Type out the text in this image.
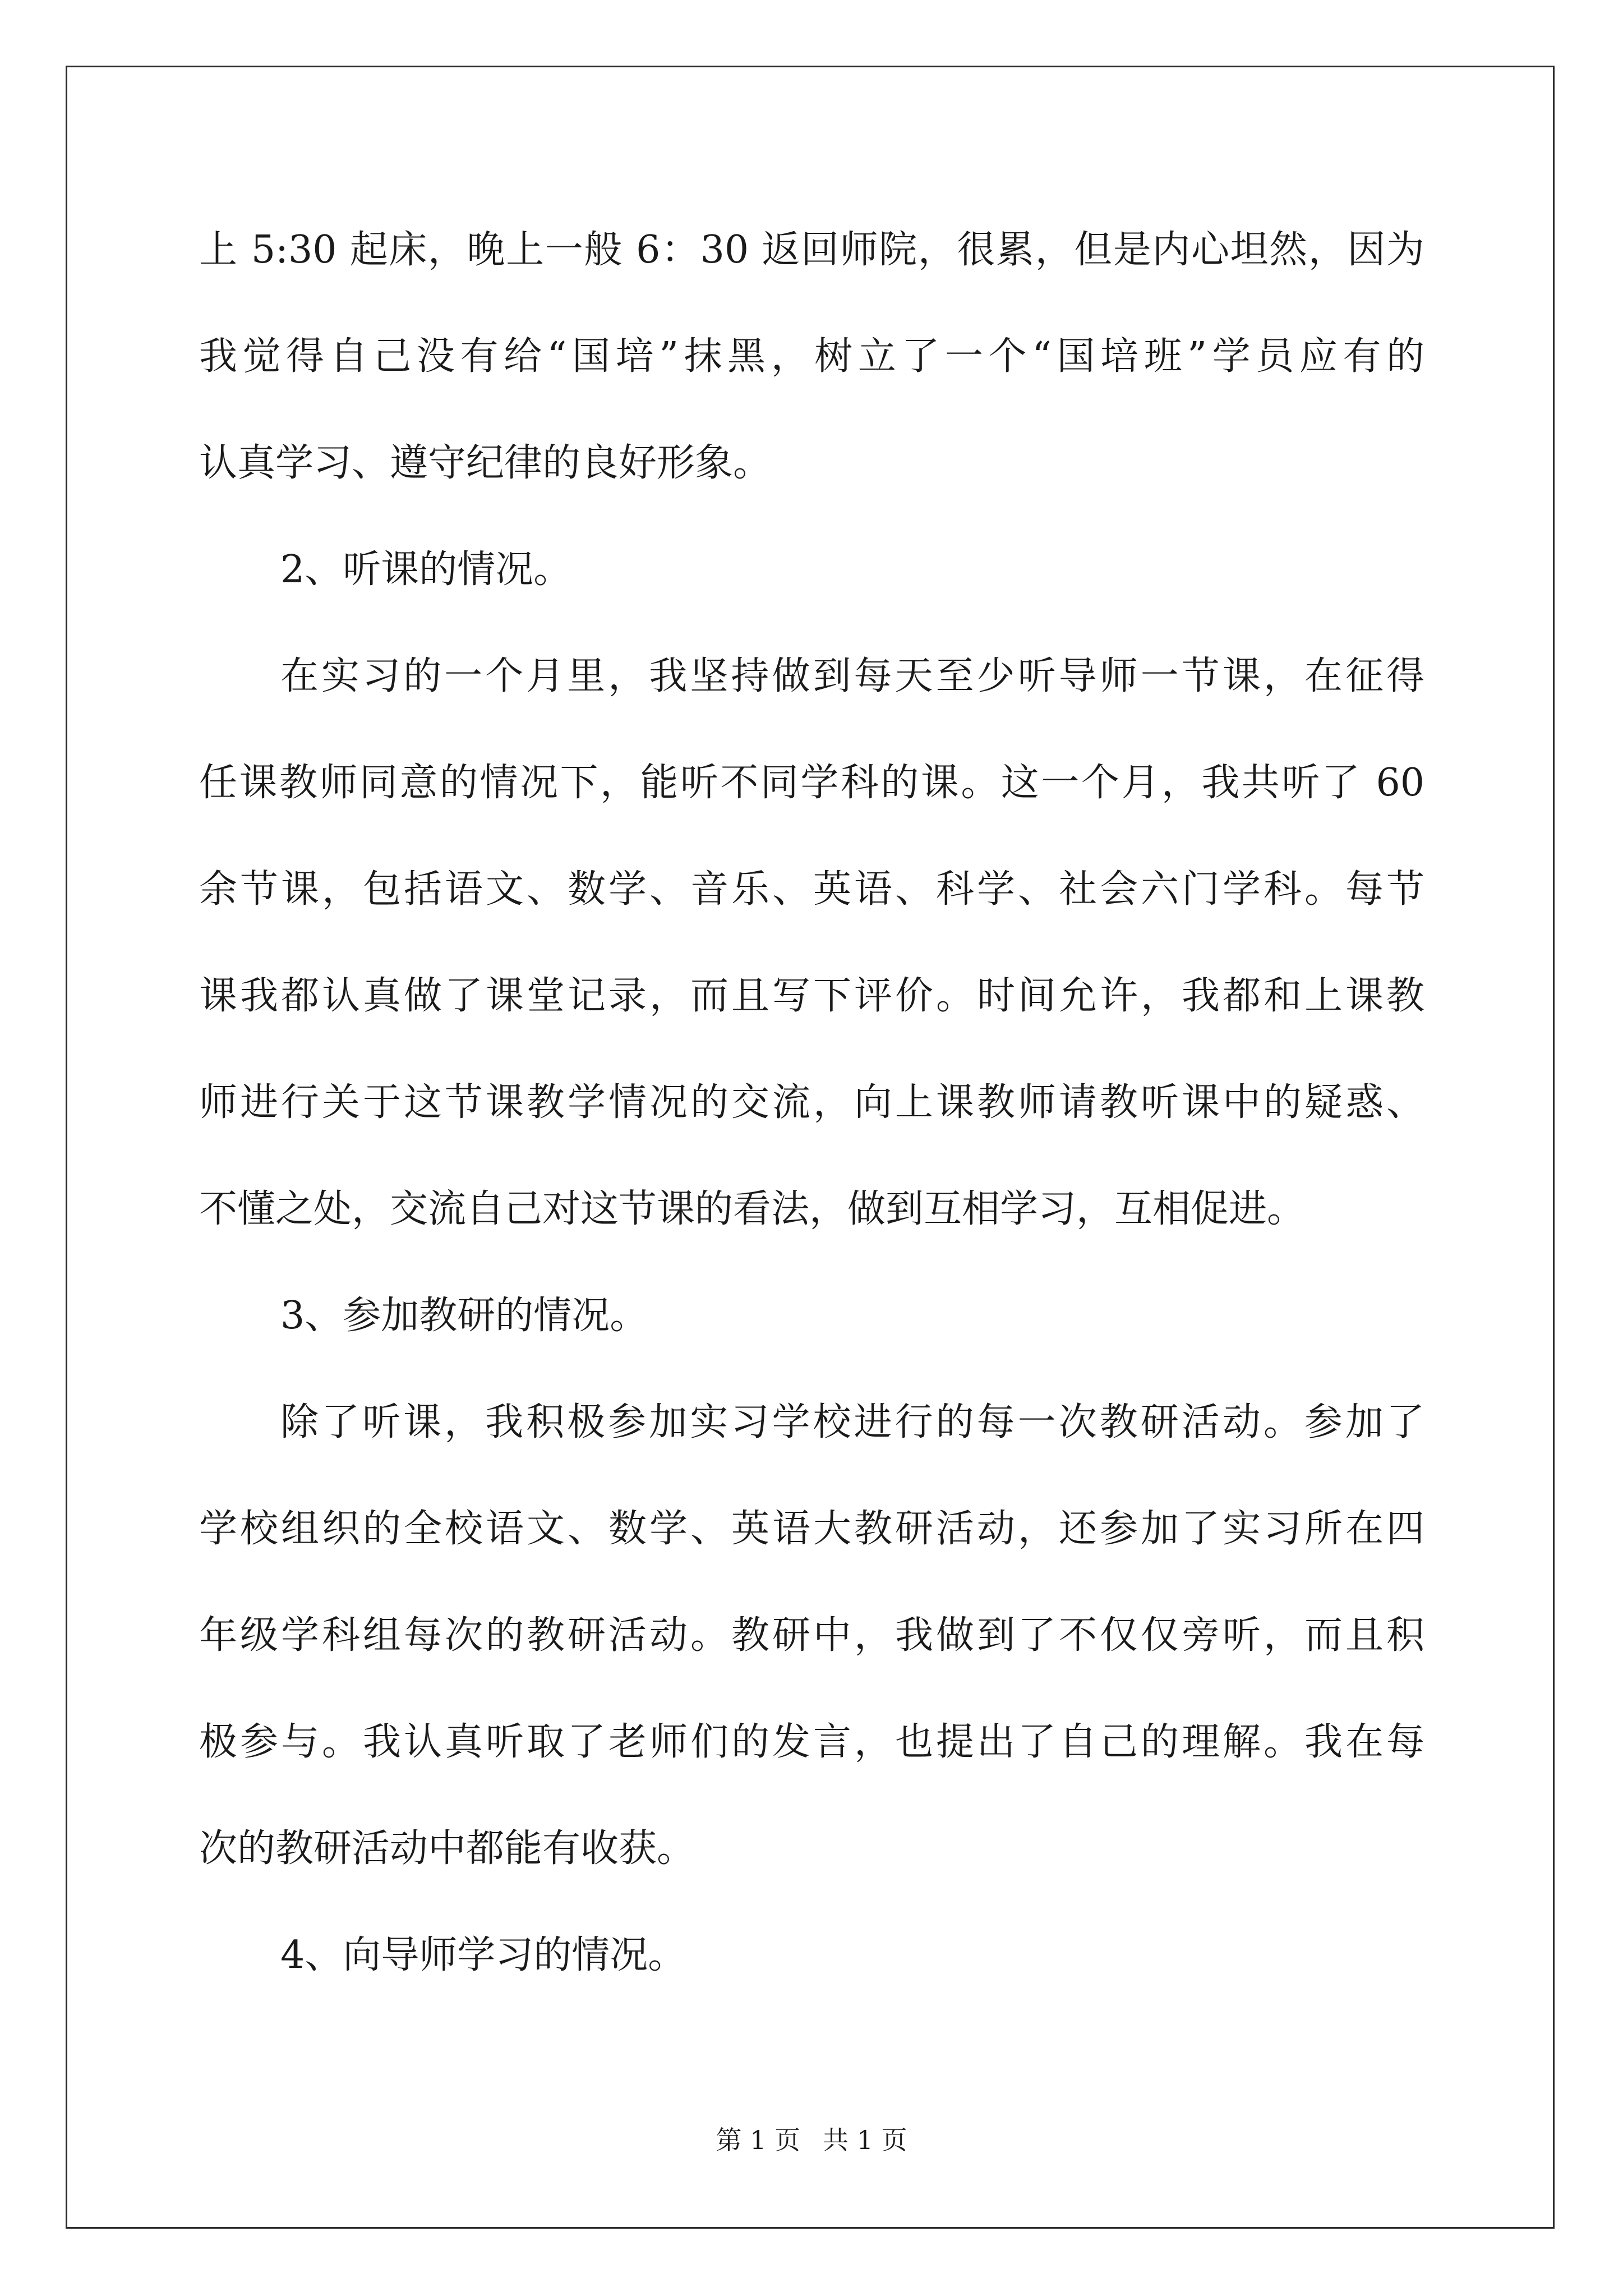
上 5:30 起床，晚上一般 6：30 返回师院，很累，但是内心坦然，因为
我觉得自己没有给“国培”抹黑，树立了一个“国培班”学员应有的
认真学习、遵守纪律的良好形象。
2、听课的情况。
在实习的一个月里，我坚持做到每天至少听导师一节课，在征得
任课教师同意的情况下，能听不同学科的课。这一个月，我共听了 60
余节课，包括语文、数学、音乐、英语、科学、社会六门学科。每节
课我都认真做了课堂记录，而且写下评价。时间允许，我都和上课教
师进行关于这节课教学情况的交流，向上课教师请教听课中的疑惑、
不懂之处，交流自己对这节课的看法，做到互相学习，互相促进。
3、参加教研的情况。
除了听课，我积极参加实习学校进行的每一次教研活动。参加了
学校组织的全校语文、数学、英语大教研活动，还参加了实习所在四
年级学科组每次的教研活动。教研中，我做到了不仅仅旁听，而且积
极参与。我认真听取了老师们的发言，也提出了自己的理解。我在每
次的教研活动中都能有收获。
4、向导师学习的情况。
第 1 页 共 1 页
